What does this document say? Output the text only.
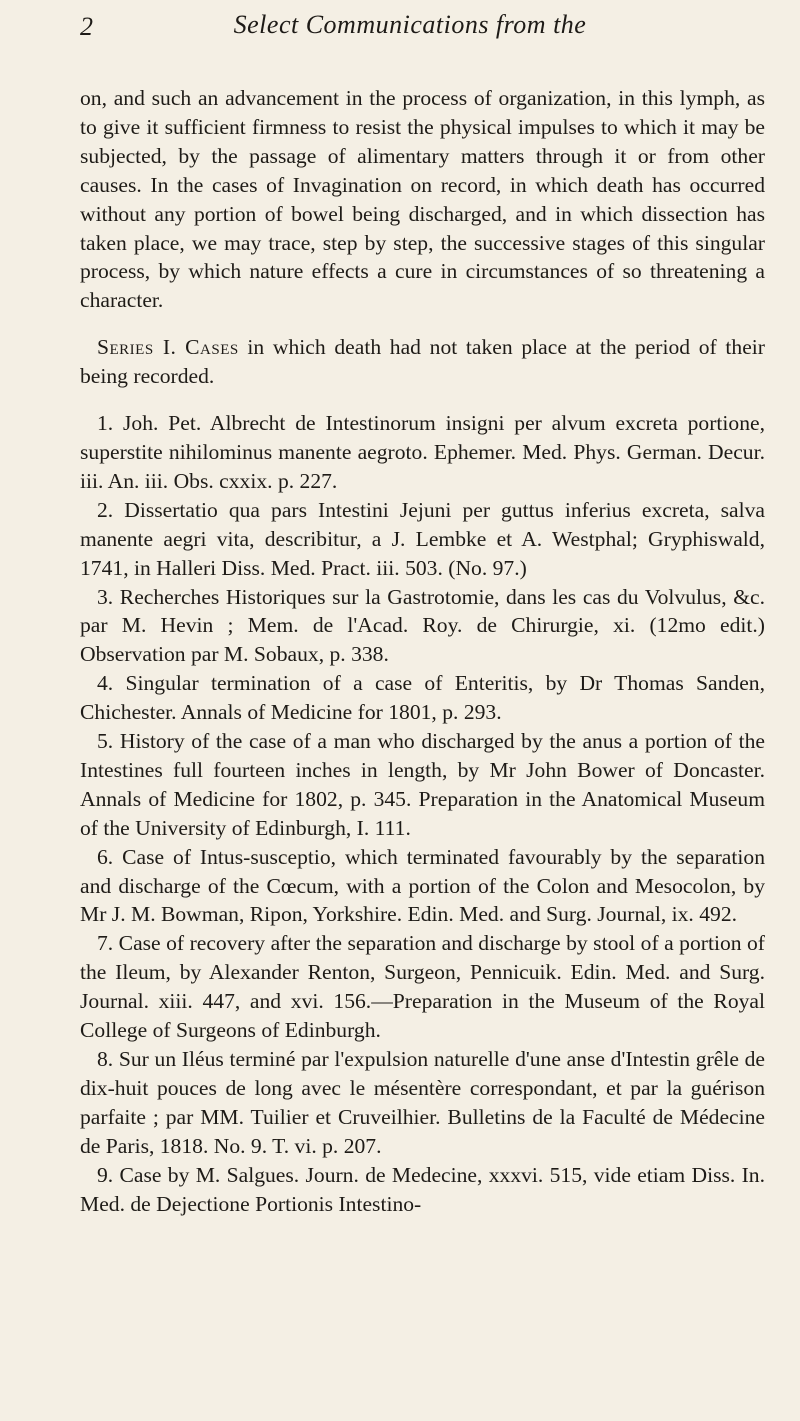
2	Select Communications from the

on, and such an advancement in the process of organization, in this lymph, as to give it sufficient firmness to resist the physical impulses to which it may be subjected, by the passage of alimentary matters through it or from other causes. In the cases of Invagination on record, in which death has occurred without any portion of bowel being discharged, and in which dissection has taken place, we may trace, step by step, the successive stages of this singular process, by which nature effects a cure in circumstances of so threatening a character.

Series I. Cases in which death had not taken place at the period of their being recorded.

1. Joh. Pet. Albrecht de Intestinorum insigni per alvum excreta portione, superstite nihilominus manente aegroto. Ephemer. Med. Phys. German. Decur. iii. An. iii. Obs. cxxix. p. 227.

2. Dissertatio qua pars Intestini Jejuni per guttus inferius excreta, salva manente aegri vita, describitur, a J. Lembke et A. Westphal; Gryphiswald, 1741, in Halleri Diss. Med. Pract. iii. 503. (No. 97.)

3. Recherches Historiques sur la Gastrotomie, dans les cas du Volvulus, &c. par M. Hevin ; Mem. de l'Acad. Roy. de Chirurgie, xi. (12mo edit.) Observation par M. Sobaux, p. 338.

4. Singular termination of a case of Enteritis, by Dr Thomas Sanden, Chichester. Annals of Medicine for 1801, p. 293.

5. History of the case of a man who discharged by the anus a portion of the Intestines full fourteen inches in length, by Mr John Bower of Doncaster. Annals of Medicine for 1802, p. 345. Preparation in the Anatomical Museum of the University of Edinburgh, I. 111.

6. Case of Intus-susceptio, which terminated favourably by the separation and discharge of the Cœcum, with a portion of the Colon and Mesocolon, by Mr J. M. Bowman, Ripon, Yorkshire. Edin. Med. and Surg. Journal, ix. 492.

7. Case of recovery after the separation and discharge by stool of a portion of the Ileum, by Alexander Renton, Surgeon, Pennicuik. Edin. Med. and Surg. Journal. xiii. 447, and xvi. 156.—Preparation in the Museum of the Royal College of Surgeons of Edinburgh.

8. Sur un Iléus terminé par l'expulsion naturelle d'une anse d'Intestin grêle de dix-huit pouces de long avec le mésentère correspondant, et par la guérison parfaite ; par MM. Tuilier et Cruveilhier. Bulletins de la Faculté de Médecine de Paris, 1818. No. 9. T. vi. p. 207.

9. Case by M. Salgues. Journ. de Medecine, xxxvi. 515, vide etiam Diss. In. Med. de Dejectione Portionis Intestino-
